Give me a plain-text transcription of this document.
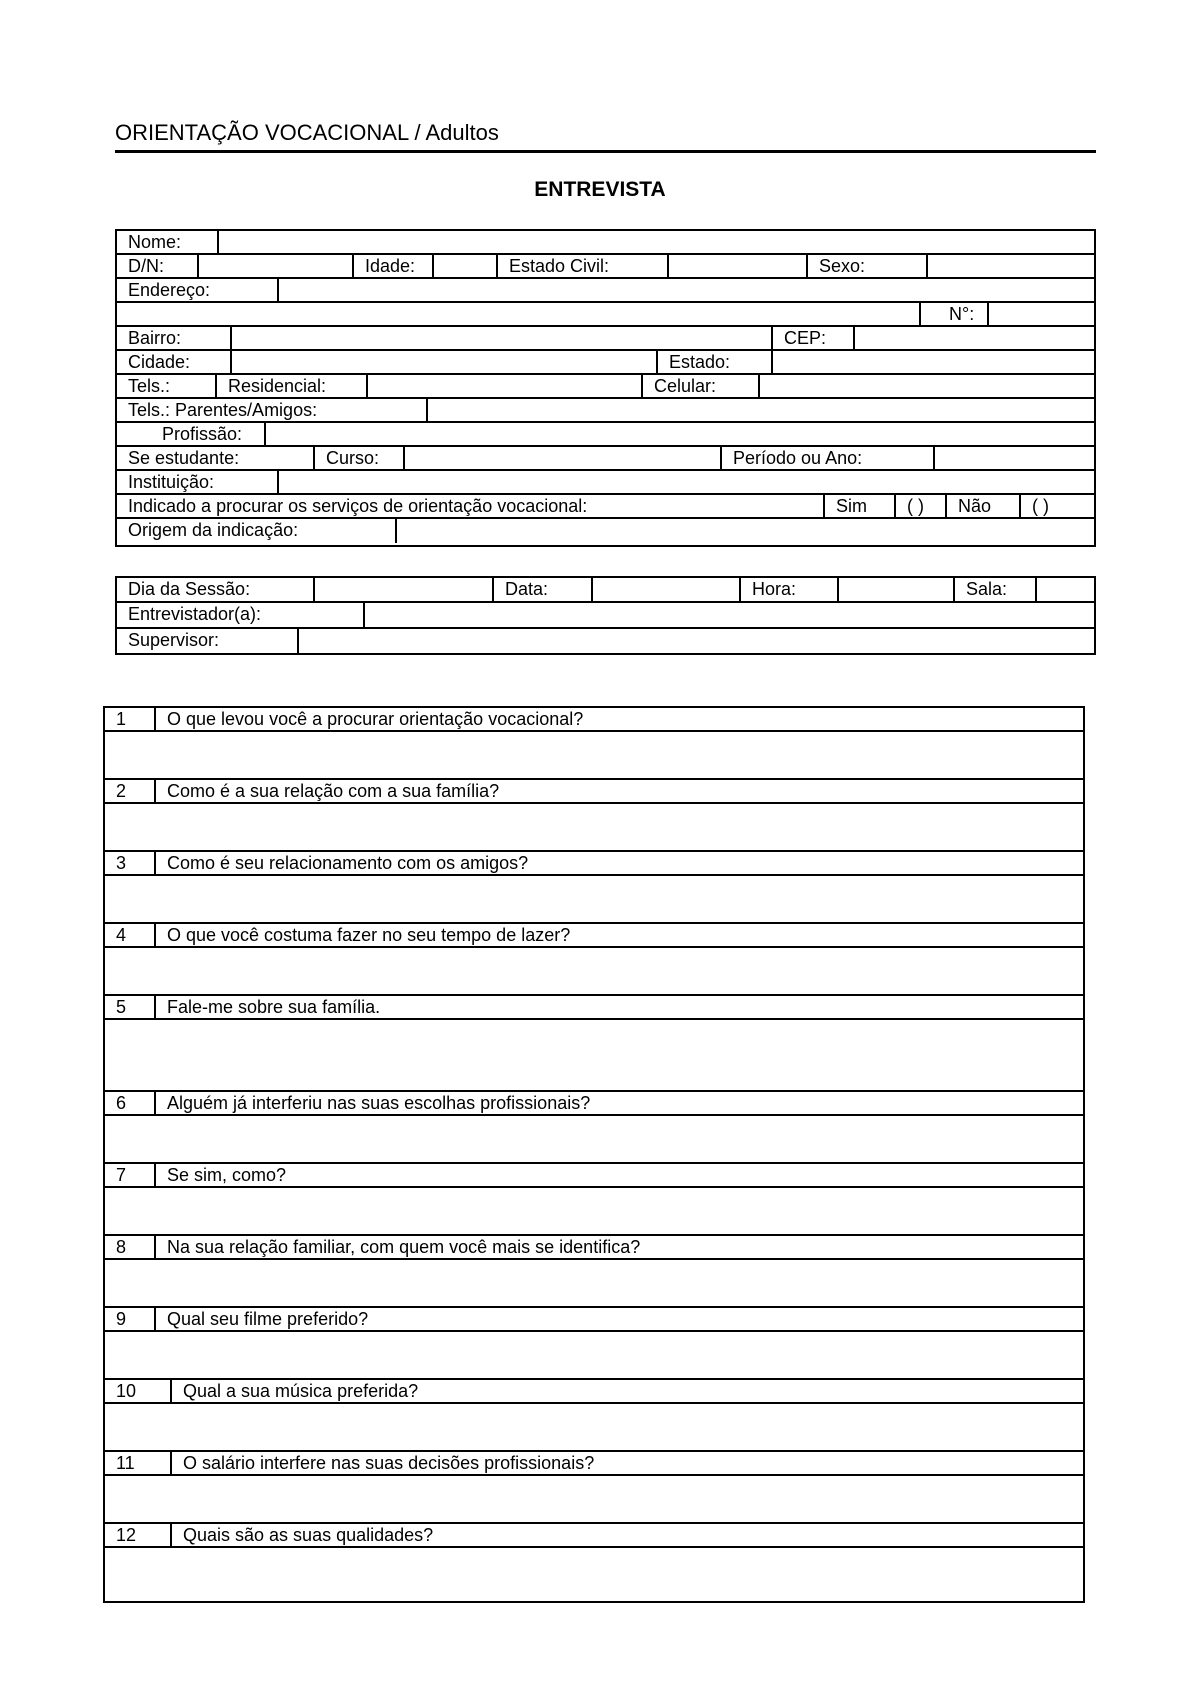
ORIENTAÇÃO VOCACIONAL / Adultos
ENTREVISTA
Nome:
D/N:	Idade:	Estado Civil:	Sexo:
Endereço:
N°:
Bairro:	CEP:
Cidade:	Estado:
Tels.:	Residencial:	Celular:
Tels.: Parentes/Amigos:
Profissão:
Se estudante:	Curso:	Período ou Ano:
Instituição:
Indicado a procurar os serviços de orientação vocacional:	Sim	( )	Não	( )
Origem da indicação:
Dia da Sessão:	Data:	Hora:	Sala:
Entrevistador(a):
Supervisor:
1	O que levou você a procurar orientação vocacional?
2	Como é a sua relação com a sua família?
3	Como é seu relacionamento com os amigos?
4	O que você costuma fazer no seu tempo de lazer?
5	Fale-me sobre sua família.
6	Alguém já interferiu nas suas escolhas profissionais?
7	Se sim, como?
8	Na sua relação familiar, com quem você mais se identifica?
9	Qual seu filme preferido?
10	Qual a sua música preferida?
11	O salário interfere nas suas decisões profissionais?
12	Quais são as suas qualidades?
